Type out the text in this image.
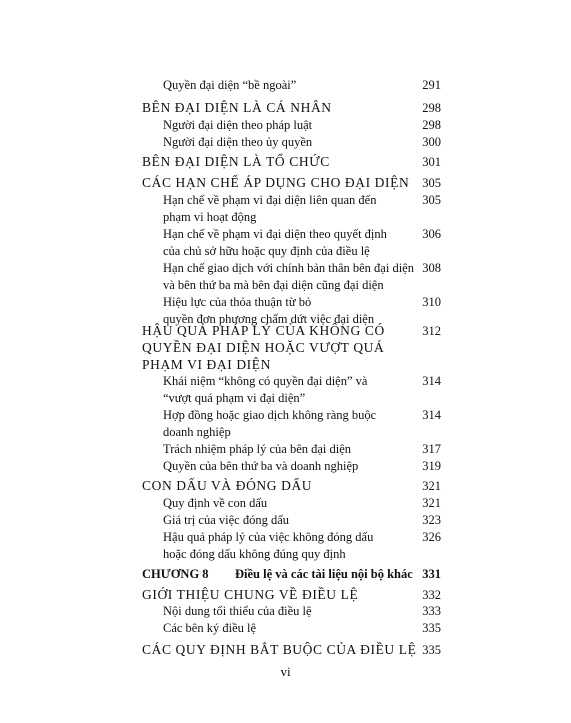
Quyền đại diện “bề ngoài”	291
BÊN ĐẠI DIỆN LÀ CÁ NHÂN	298
Người đại diện theo pháp luật	298
Người đại diện theo ủy quyền	300
BÊN ĐẠI DIỆN LÀ TỔ CHỨC	301
CÁC HẠN CHẾ ÁP DỤNG CHO ĐẠI DIỆN 305
Hạn chế về phạm vi đại diện liên quan đến	305
phạm vi hoạt động
Hạn chế về phạm vi đại diện theo quyết định	306
của chủ sở hữu hoặc quy định của điều lệ
Hạn chế giao dịch với chính bản thân bên đại diện 308
và bên thứ ba mà bên đại diện cũng đại diện
Hiệu lực của thỏa thuận từ bỏ	310
quyền đơn phương chấm dứt việc đại diện
HẬU QUẢ PHÁP LÝ CỦA KHÔNG CÓ	312
QUYỀN ĐẠI DIỆN HOẶC VƯỢT QUÁ
PHẠM VI ĐẠI DIỆN
Khái niệm “không có quyền đại diện” và	314
“vượt quá phạm vi đại diện”
Hợp đồng hoặc giao dịch không ràng buộc	314
doanh nghiệp
Trách nhiệm pháp lý của bên đại diện	317
Quyền của bên thứ ba và doanh nghiệp	319
CON DẤU VÀ ĐÓNG DẤU	321
Quy định về con dấu	321
Giá trị của việc đóng dấu	323
Hậu quả pháp lý của việc không đóng dấu	326
hoặc đóng dấu không đúng quy định
CHƯƠNG 8 Điều lệ và các tài liệu nội bộ khác 331
GIỚI THIỆU CHUNG VỀ ĐIỀU LỆ	332
Nội dung tối thiểu của điều lệ	333
Các bên ký điều lệ	335
CÁC QUY ĐỊNH BẮT BUỘC CỦA ĐIỀU LỆ 335
vi
